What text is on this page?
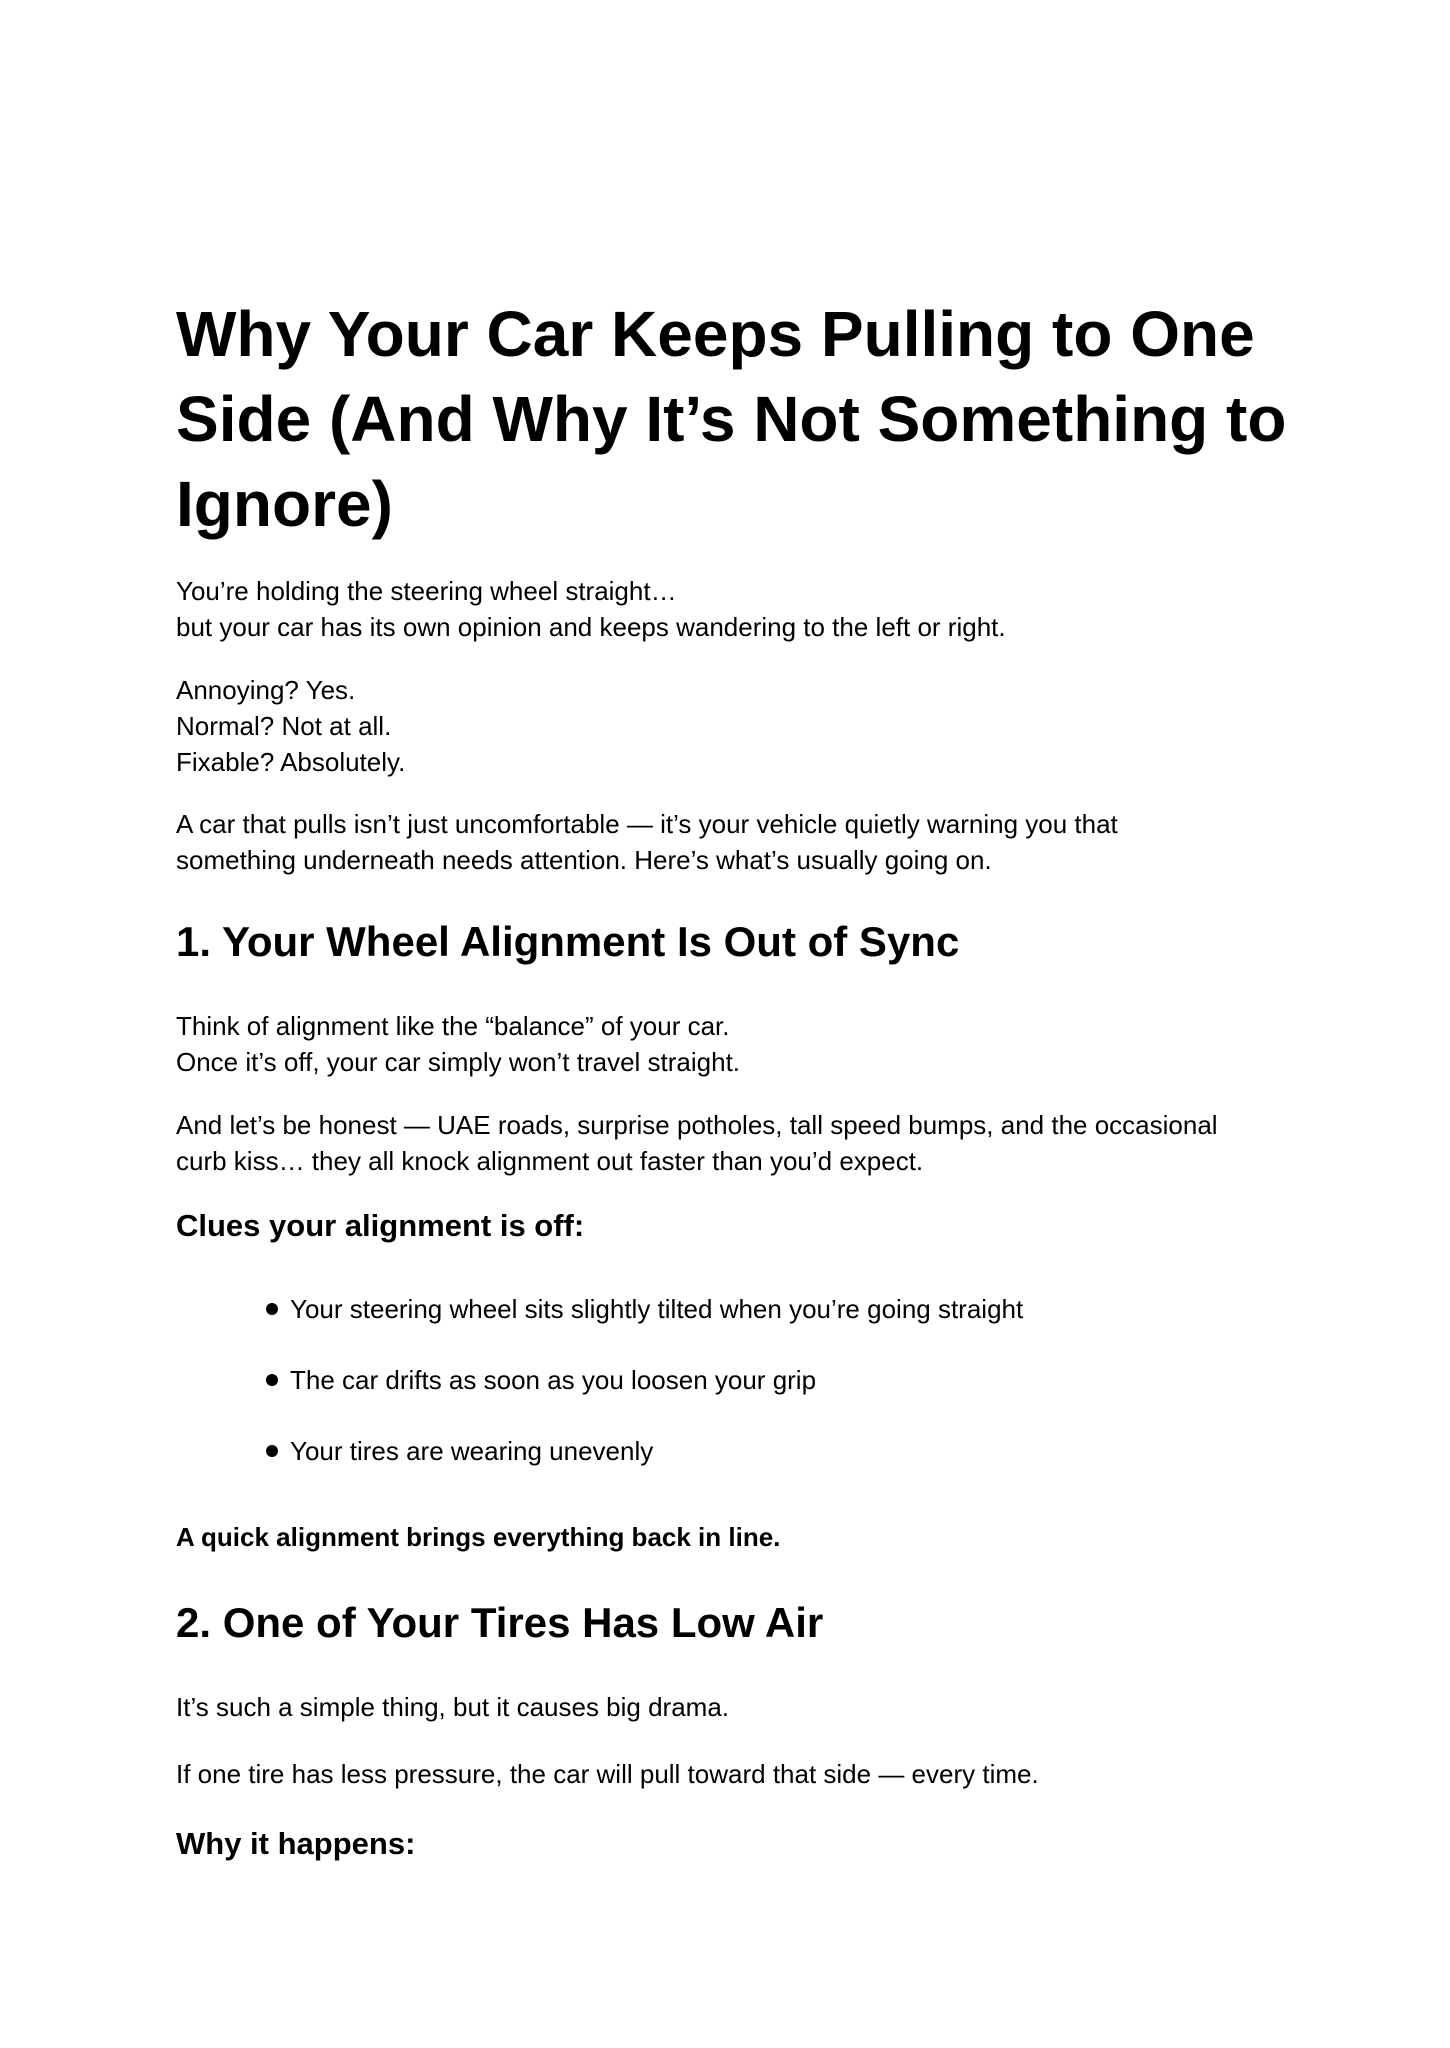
Why Your Car Keeps Pulling to One Side (And Why It’s Not Something to Ignore)

You’re holding the steering wheel straight…
but your car has its own opinion and keeps wandering to the left or right.

Annoying? Yes.
Normal? Not at all.
Fixable? Absolutely.

A car that pulls isn’t just uncomfortable — it’s your vehicle quietly warning you that
something underneath needs attention. Here’s what’s usually going on.

1. Your Wheel Alignment Is Out of Sync

Think of alignment like the “balance” of your car.
Once it’s off, your car simply won’t travel straight.

And let’s be honest — UAE roads, surprise potholes, tall speed bumps, and the occasional
curb kiss… they all knock alignment out faster than you’d expect.

Clues your alignment is off:
Your steering wheel sits slightly tilted when you’re going straight
The car drifts as soon as you loosen your grip
Your tires are wearing unevenly

A quick alignment brings everything back in line.

2. One of Your Tires Has Low Air

It’s such a simple thing, but it causes big drama.

If one tire has less pressure, the car will pull toward that side — every time.

Why it happens:
